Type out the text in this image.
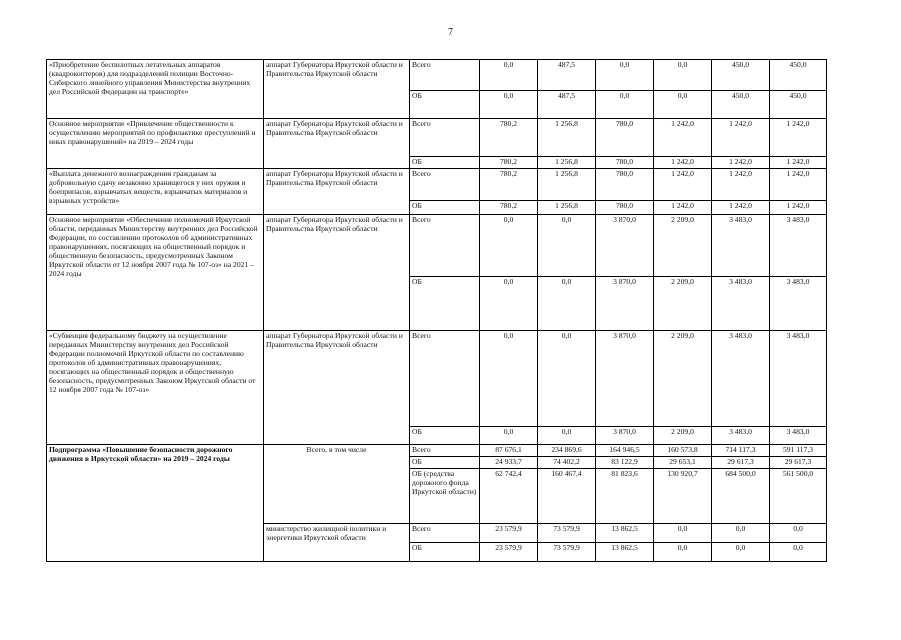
7
«Приобретение беспилотных летательных аппаратов (квадрокоптеров) для подразделений полиции Восточно-Сибирского линейного управления Министерства внутренних дел Российской Федерации на транспорте»	аппарат Губернатора Иркутской области и Правительства Иркутской области	Всего	0,0	487,5	0,0	0,0	450,0	450,0
		ОБ	0,0	487,5	0,0	0,0	450,0	450,0
Основное мероприятие «Привлечение общественности к осуществлению мероприятий по профилактике преступлений и иных правонарушений» на 2019 – 2024 годы	аппарат Губернатора Иркутской области и Правительства Иркутской области	Всего	780,2	1 256,8	780,0	1 242,0	1 242,0	1 242,0
		ОБ	780,2	1 256,8	780,0	1 242,0	1 242,0	1 242,0
«Выплата денежного вознаграждения гражданам за добровольную сдачу незаконно хранящегося у них оружия и боеприпасов, взрывчатых веществ, взрывчатых материалов и взрывных устройств»	аппарат Губернатора Иркутской области и Правительства Иркутской области	Всего	780,2	1 256,8	780,0	1 242,0	1 242,0	1 242,0
		ОБ	780,2	1 256,8	780,0	1 242,0	1 242,0	1 242,0
Основное мероприятие «Обеспечение полномочий Иркутской области, переданных Министерству внутренних дел Российской Федерации, по составлению протоколов об административных правонарушениях, посягающих на общественный порядок и общественную безопасность, предусмотренных Законом Иркутской области от 12 ноября 2007 года № 107-оз» на 2021 – 2024 годы	аппарат Губернатора Иркутской области и Правительства Иркутской области	Всего	0,0	0,0	3 870,0	2 209,0	3 483,0	3 483,0
		ОБ	0,0	0,0	3 870,0	2 209,0	3 483,0	3 483,0
«Субвенция федеральному бюджету на осуществление переданных Министерству внутренних дел Российской Федерации полномочий Иркутской области по составлению протоколов об административных правонарушениях, посягающих на общественный порядок и общественную безопасность, предусмотренных Законом Иркутской области от 12 ноября 2007 года № 107-оз»	аппарат Губернатора Иркутской области и Правительства Иркутской области	Всего	0,0	0,0	3 870,0	2 209,0	3 483,0	3 483,0
		ОБ	0,0	0,0	3 870,0	2 209,0	3 483,0	3 483,0
Подпрограмма «Повышение безопасности дорожного движения в Иркутской области» на 2019 – 2024 годы	Всего, в том числе	Всего	87 676,1	234 869,6	164 946,5	160 573,8	714 117,3	591 117,3
		ОБ	24 933,7	74 402,2	83 122,9	29 653,1	29 617,3	29 617,3
		ОБ (средства дорожного фонда Иркутской области)	62 742,4	160 467,4	81 823,6	130 920,7	684 500,0	561 500,0
	министерство жилищной политики и энергетики Иркутской области	Всего	23 579,9	73 579,9	13 862,5	0,0	0,0	0,0
		ОБ	23 579,9	73 579,9	13 862,5	0,0	0,0	0,0
